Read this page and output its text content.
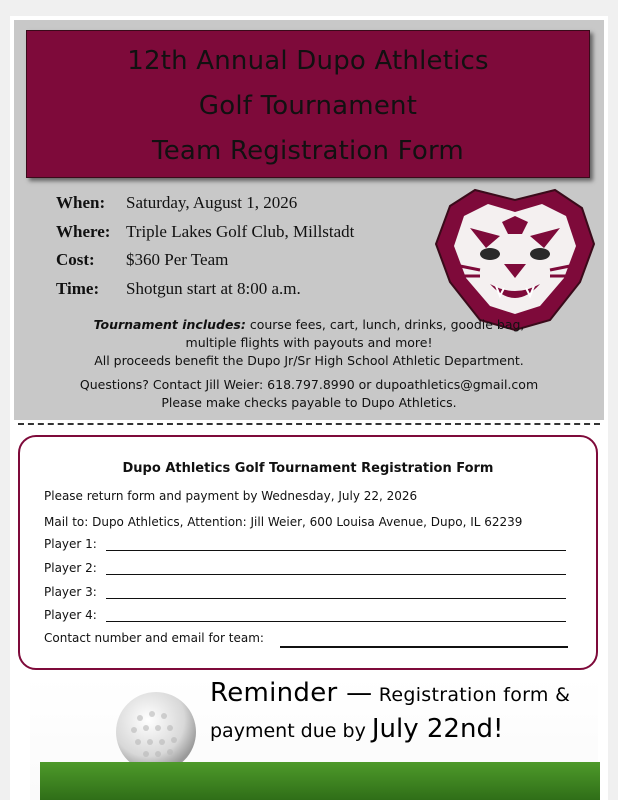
12th Annual Dupo Athletics
Golf Tournament
Team Registration Form
When: Saturday, August 1, 2026
Where: Triple Lakes Golf Club, Millstadt
Cost: $360 Per Team
Time: Shotgun start at 8:00 a.m.
Tournament includes: course fees, cart, lunch, drinks, goodie bag,
multiple flights with payouts and more!
All proceeds benefit the Dupo Jr/Sr High School Athletic Department.
Questions? Contact Jill Weier: 618.797.8990 or dupoathletics@gmail.com
Please make checks payable to Dupo Athletics.
Dupo Athletics Golf Tournament Registration Form
Please return form and payment by Wednesday, July 22, 2026
Mail to: Dupo Athletics, Attention: Jill Weier, 600 Louisa Avenue, Dupo, IL 62239
Player 1:
Player 2:
Player 3:
Player 4:
Contact number and email for team:
Reminder — Registration form &
payment due by July 22nd!
